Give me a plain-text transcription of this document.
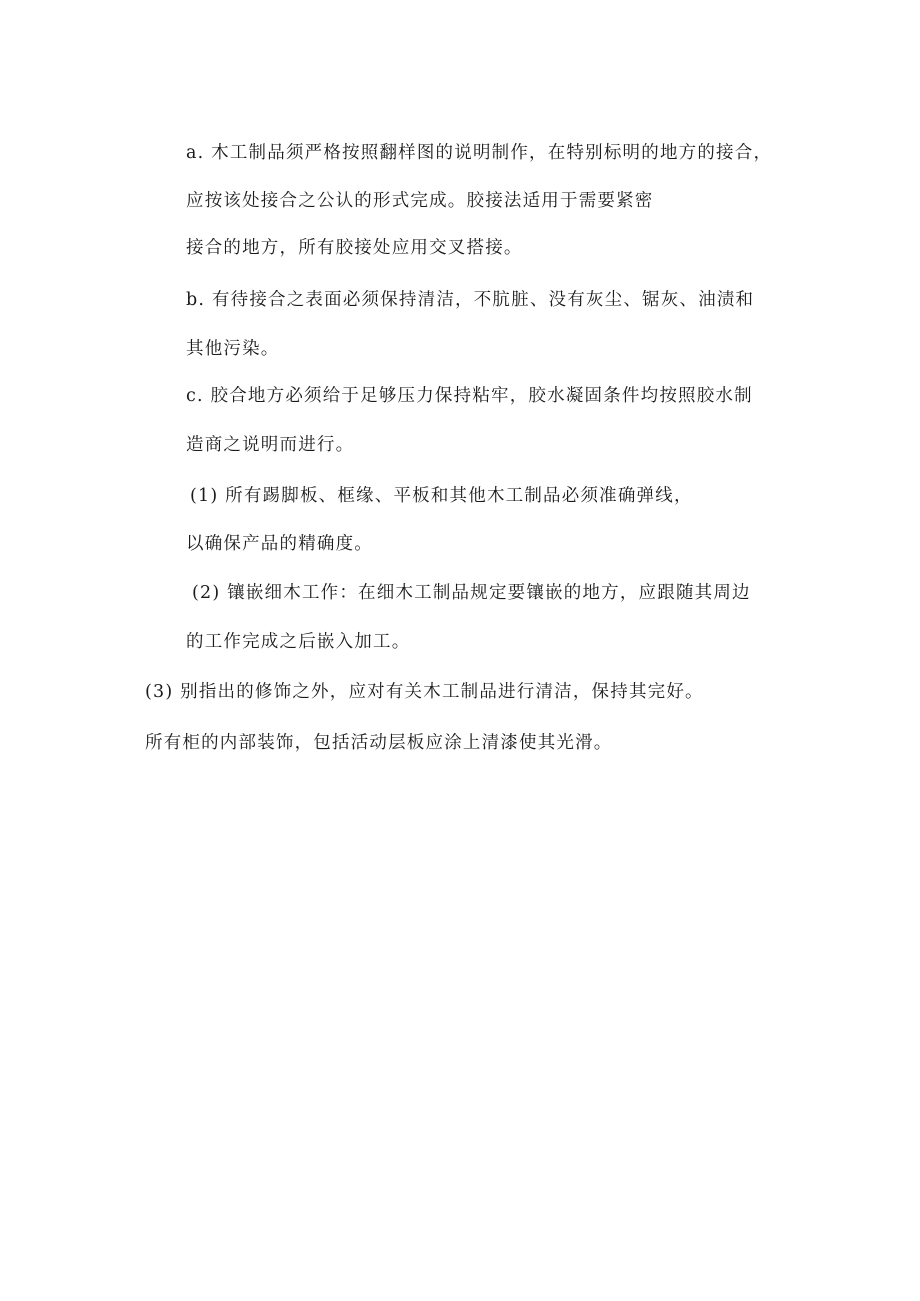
a. 木工制品须严格按照翻样图的说明制作，在特别标明的地方的接合，

应按该处接合之公认的形式完成。胶接法适用于需要紧密

接合的地方，所有胶接处应用交叉搭接。

b. 有待接合之表面必须保持清洁，不肮脏、没有灰尘、锯灰、油渍和

其他污染。

c. 胶合地方必须给于足够压力保持粘牢，胶水凝固条件均按照胶水制

造商之说明而进行。

(1) 所有踢脚板、框缘、平板和其他木工制品必须准确弹线，

以确保产品的精确度。

(2) 镶嵌细木工作：在细木工制品规定要镶嵌的地方，应跟随其周边

的工作完成之后嵌入加工。

(3) 别指出的修饰之外，应对有关木工制品进行清洁，保持其完好。

所有柜的内部装饰，包括活动层板应涂上清漆使其光滑。
